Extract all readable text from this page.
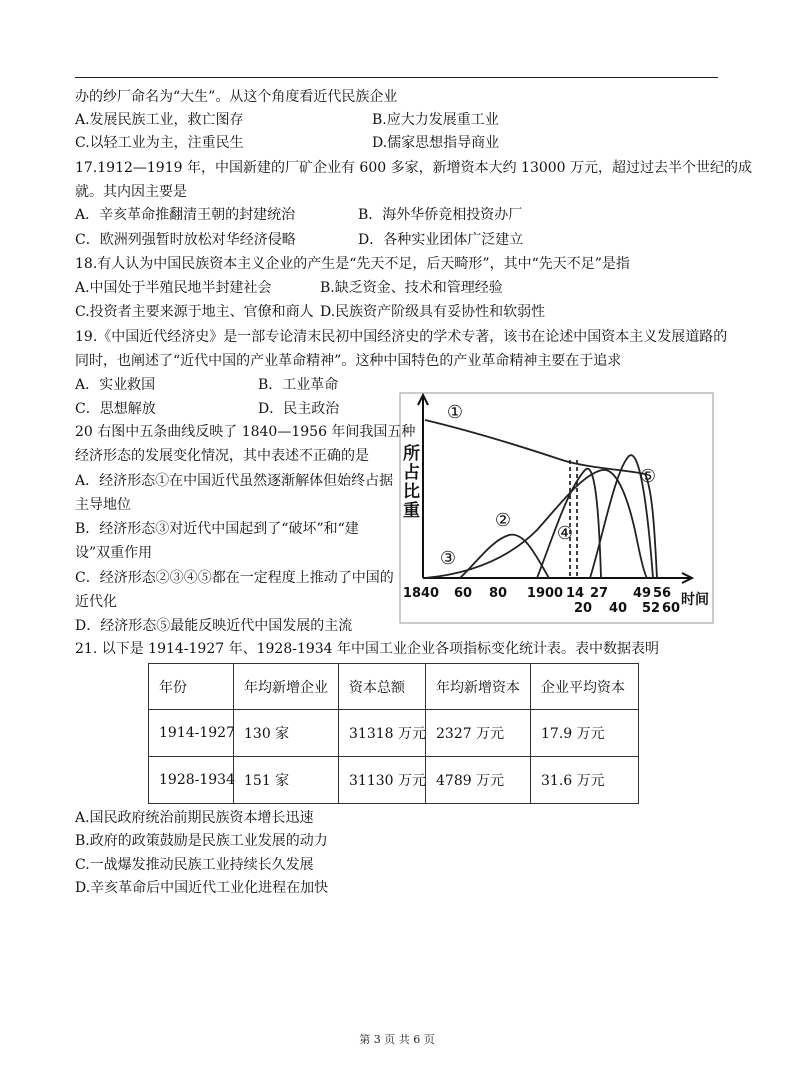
办的纱厂命名为“大生”。从这个角度看近代民族企业
A.发展民族工业，救亡图存	B.应大力发展重工业
C.以轻工业为主，注重民生	D.儒家思想指导商业
17.1912—1919 年，中国新建的厂矿企业有 600 多家，新增资本大约 13000 万元，超过过去半个世纪的成
就。其内因主要是
A．辛亥革命推翻清王朝的封建统治	B．海外华侨竞相投资办厂
C．欧洲列强暂时放松对华经济侵略	D．各种实业团体广泛建立
18.有人认为中国民族资本主义企业的产生是“先天不足，后天畸形”，其中“先天不足”是指
A.中国处于半殖民地半封建社会	B.缺乏资金、技术和管理经验
C.投资者主要来源于地主、官僚和商人 D.民族资产阶级具有妥协性和软弱性
19.《中国近代经济史》是一部专论清末民初中国经济史的学术专著，该书在论述中国资本主义发展道路的
同时，也阐述了“近代中国的产业革命精神”。这种中国特色的产业革命精神主要在于追求
A．实业救国	B．工业革命
C．思想解放	D．民主政治
20 右图中五条曲线反映了 1840—1956 年间我国五种
经济形态的发展变化情况，其中表述不正确的是
A．经济形态①在中国近代虽然逐渐解体但始终占据
主导地位
B．经济形态③对近代中国起到了“破坏”和“建
设”双重作用
C．经济形态②③④⑤都在一定程度上推动了中国的
近代化
D．经济形态⑤最能反映近代中国发展的主流
①
②
③
④
⑤
1840 60 80 1900 14
20
27
40
49
52
56
60
时间
所占比重
21. 以下是 1914-1927 年、1928-1934 年中国工业企业各项指标变化统计表。表中数据表明
年份	年均新增企业	资本总额	年均新增资本	企业平均资本
1914-1927	130 家	31318 万元	2327 万元	17.9 万元
1928-1934	151 家	31130 万元	4789 万元	31.6 万元
A.国民政府统治前期民族资本增长迅速
B.政府的政策鼓励是民族工业发展的动力
C.一战爆发推动民族工业持续长久发展
D.辛亥革命后中国近代工业化进程在加快
第 3 页 共 6 页
